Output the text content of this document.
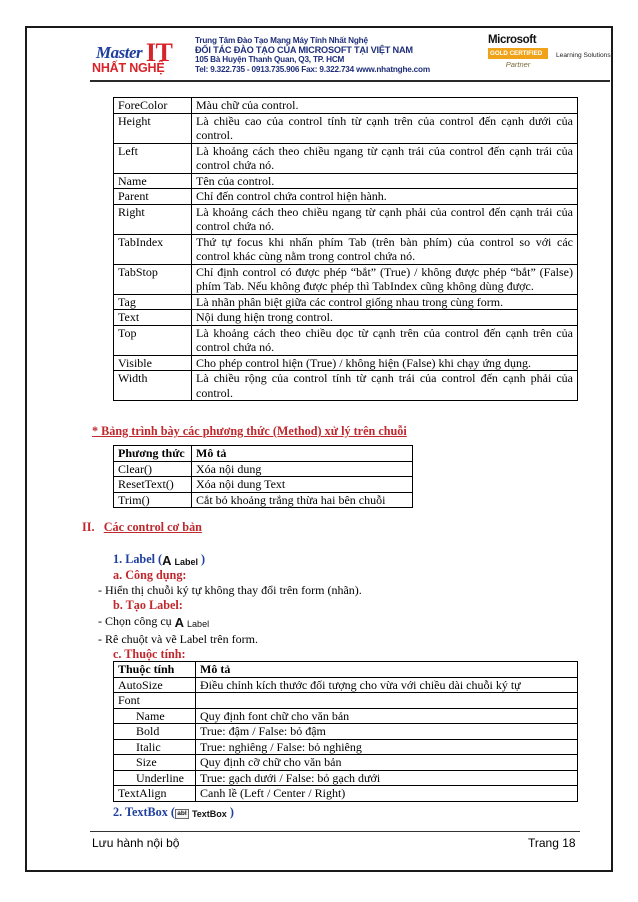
Master IT
NHẤT NGHỆ
Trung Tâm Đào Tạo Mạng Máy Tính Nhất Nghệ
ĐỐI TÁC ĐÀO TẠO CỦA MICROSOFT TẠI VIỆT NAM
105 Bà Huyện Thanh Quan, Q3, TP. HCM
Tel: 9.322.735 - 0913.735.906 Fax: 9.322.734 www.nhatnghe.com
Microsoft
GOLD CERTIFIED
Partner
Learning Solutions
ForeColor	Màu chữ của control.
Height	Là chiều cao của control tính từ cạnh trên của control đến cạnh dưới của control.
Left	Là khoảng cách theo chiều ngang từ cạnh trái của control đến cạnh trái của control chứa nó.
Name	Tên của control.
Parent	Chỉ đến control chứa control hiện hành.
Right	Là khoảng cách theo chiều ngang từ cạnh phải của control đến cạnh trái của control chứa nó.
TabIndex	Thứ tự focus khi nhấn phím Tab (trên bàn phím) của control so với các control khác cùng nằm trong control chứa nó.
TabStop	Chỉ định control có được phép “bắt” (True) / không được phép “bắt” (False) phím Tab. Nếu không được phép thì TabIndex cũng không dùng được.
Tag	Là nhãn phân biệt giữa các control giống nhau trong cùng form.
Text	Nội dung hiện trong control.
Top	Là khoảng cách theo chiều dọc từ cạnh trên của control đến cạnh trên của control chứa nó.
Visible	Cho phép control hiện (True) / không hiện (False) khi chạy ứng dụng.
Width	Là chiều rộng của control tính từ cạnh trái của control đến cạnh phải của control.
* Bảng trình bày các phương thức (Method) xử lý trên chuỗi
Phương thức	Mô tả
Clear()	Xóa nội dung
ResetText()	Xóa nội dung Text
Trim()	Cắt bỏ khoảng trắng thừa hai bên chuỗi
II. Các control cơ bản
1. Label (A Label )
a. Công dụng:
- Hiển thị chuỗi ký tự không thay đổi trên form (nhãn).
b. Tạo Label:
- Chọn công cụ A Label
- Rê chuột và vẽ Label trên form.
c. Thuộc tính:
Thuộc tính	Mô tả
AutoSize	Điều chỉnh kích thước đối tượng cho vừa với chiều dài chuỗi ký tự
Font	
Name	Quy định font chữ cho văn bản
Bold	True: đậm / False: bỏ đậm
Italic	True: nghiêng / False: bỏ nghiêng
Size	Quy định cỡ chữ cho văn bản
Underline	True: gạch dưới / False: bỏ gạch dưới
TextAlign	Canh lề (Left / Center / Right)
2. TextBox ( abl TextBox )
Lưu hành nội bộ	Trang 18
